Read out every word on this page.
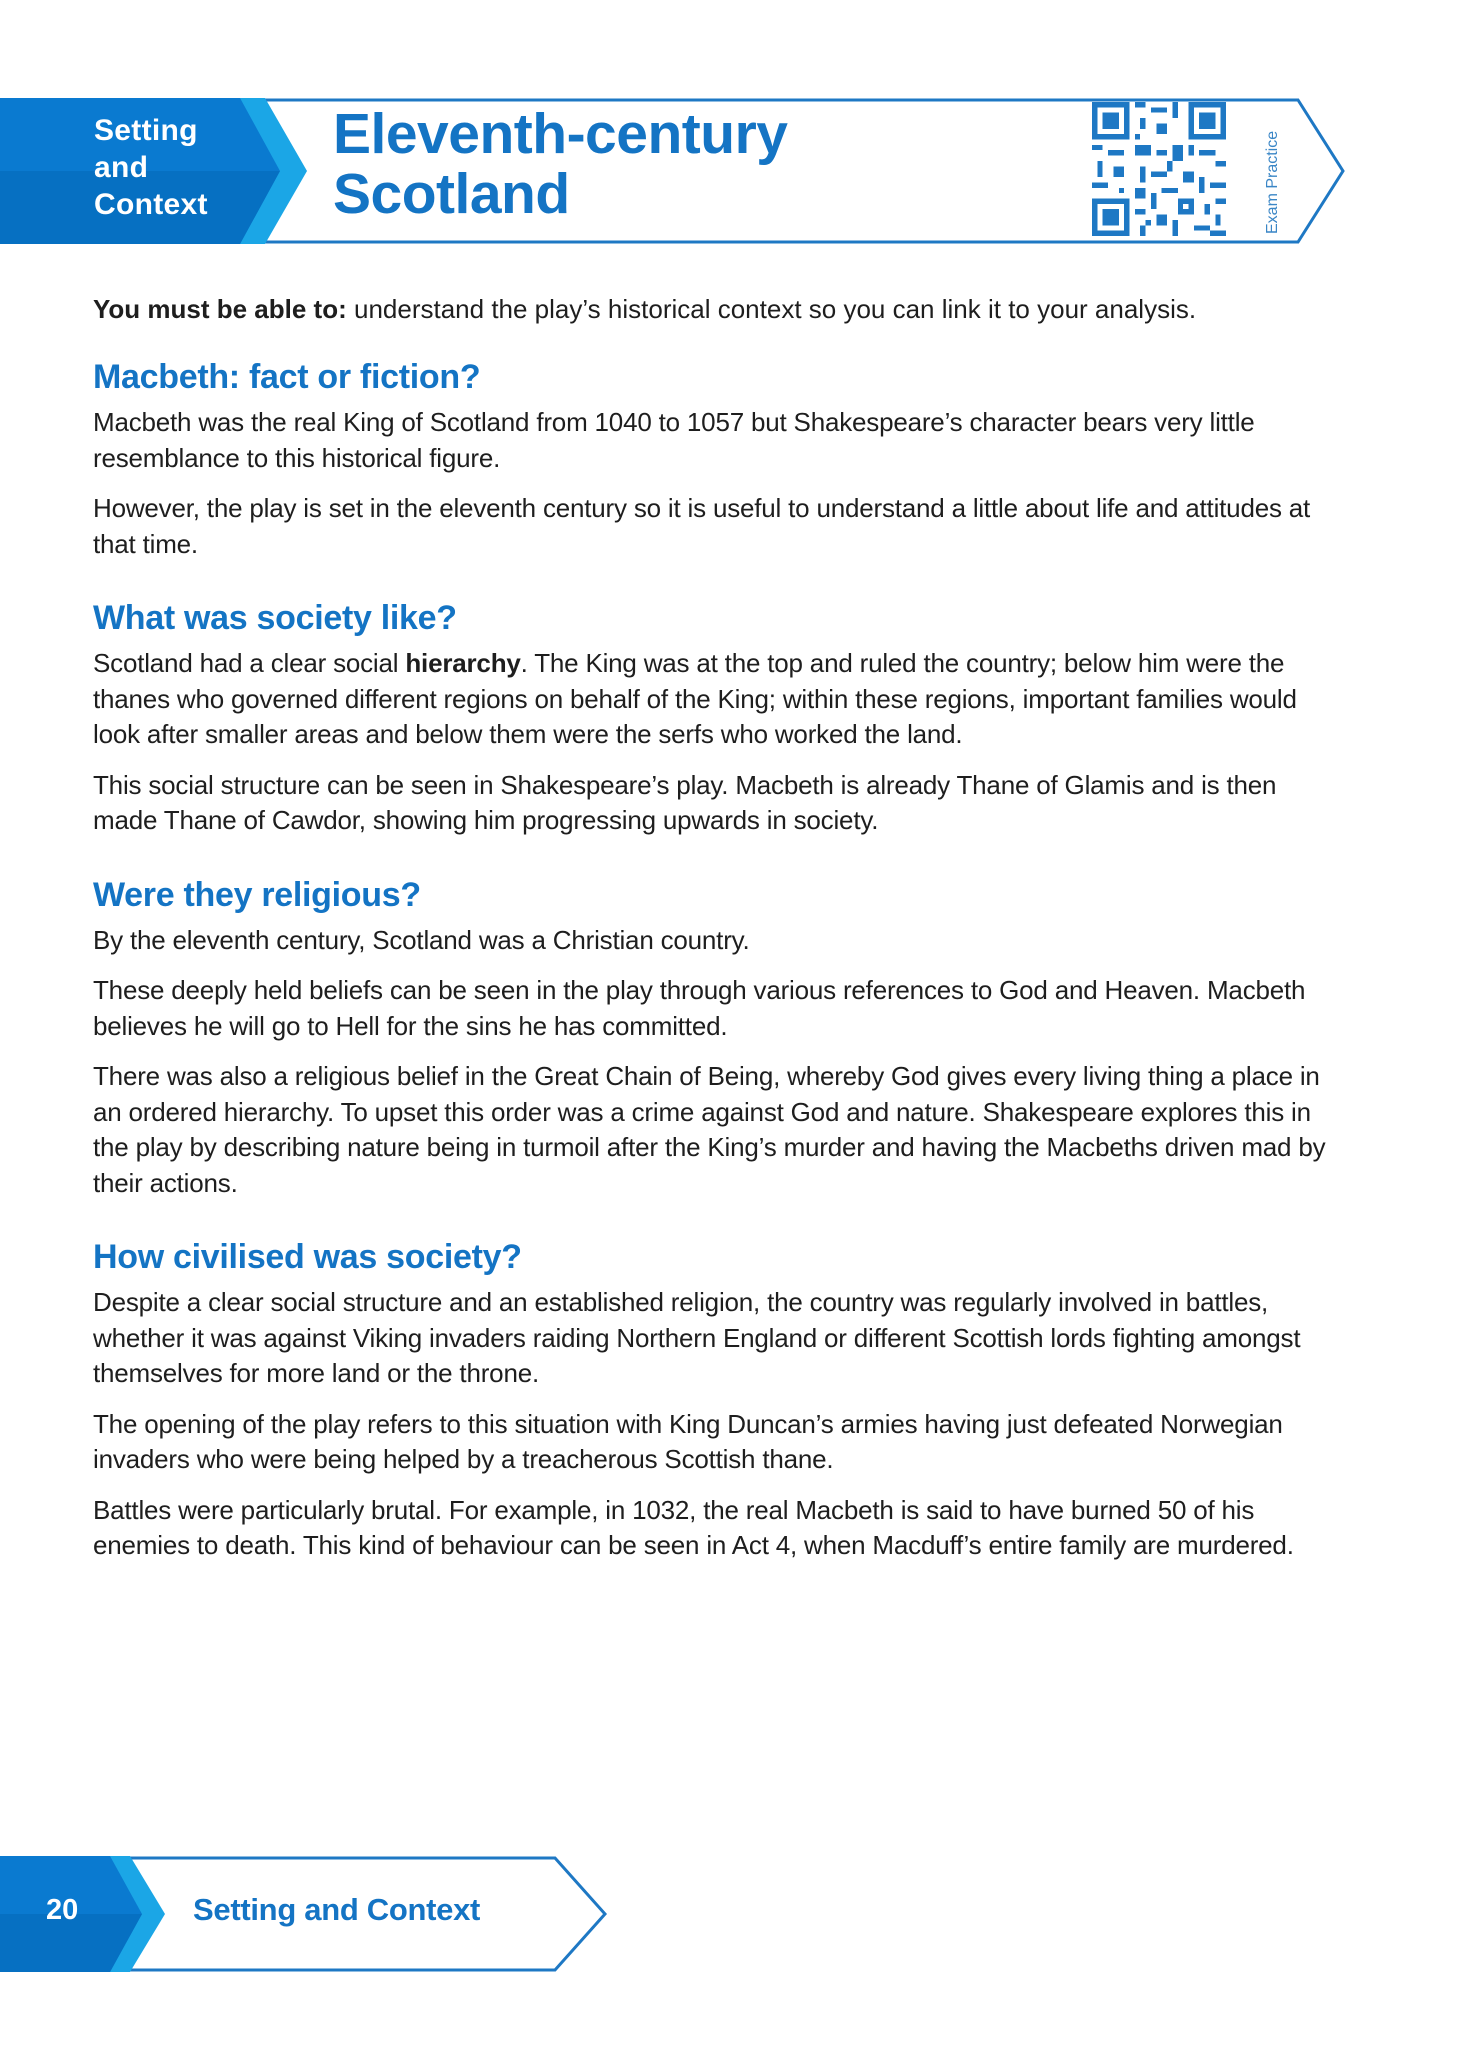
Setting
and
Context
Eleventh-century
Scotland	Exam Practice

You must be able to: understand the play’s historical context so you can link it to your analysis.

Macbeth: fact or fiction?

Macbeth was the real King of Scotland from 1040 to 1057 but Shakespeare’s character bears very little resemblance to this historical figure.

However, the play is set in the eleventh century so it is useful to understand a little about life and attitudes at that time.

What was society like?

Scotland had a clear social hierarchy. The King was at the top and ruled the country; below him were the thanes who governed different regions on behalf of the King; within these regions, important families would look after smaller areas and below them were the serfs who worked the land.

This social structure can be seen in Shakespeare’s play. Macbeth is already Thane of Glamis and is then made Thane of Cawdor, showing him progressing upwards in society.

Were they religious?

By the eleventh century, Scotland was a Christian country.

These deeply held beliefs can be seen in the play through various references to God and Heaven. Macbeth believes he will go to Hell for the sins he has committed.

There was also a religious belief in the Great Chain of Being, whereby God gives every living thing a place in an ordered hierarchy. To upset this order was a crime against God and nature. Shakespeare explores this in the play by describing nature being in turmoil after the King’s murder and having the Macbeths driven mad by their actions.

How civilised was society?

Despite a clear social structure and an established religion, the country was regularly involved in battles, whether it was against Viking invaders raiding Northern England or different Scottish lords fighting amongst themselves for more land or the throne.

The opening of the play refers to this situation with King Duncan’s armies having just defeated Norwegian invaders who were being helped by a treacherous Scottish thane.

Battles were particularly brutal. For example, in 1032, the real Macbeth is said to have burned 50 of his enemies to death. This kind of behaviour can be seen in Act 4, when Macduff’s entire family are murdered.

20	Setting and Context
